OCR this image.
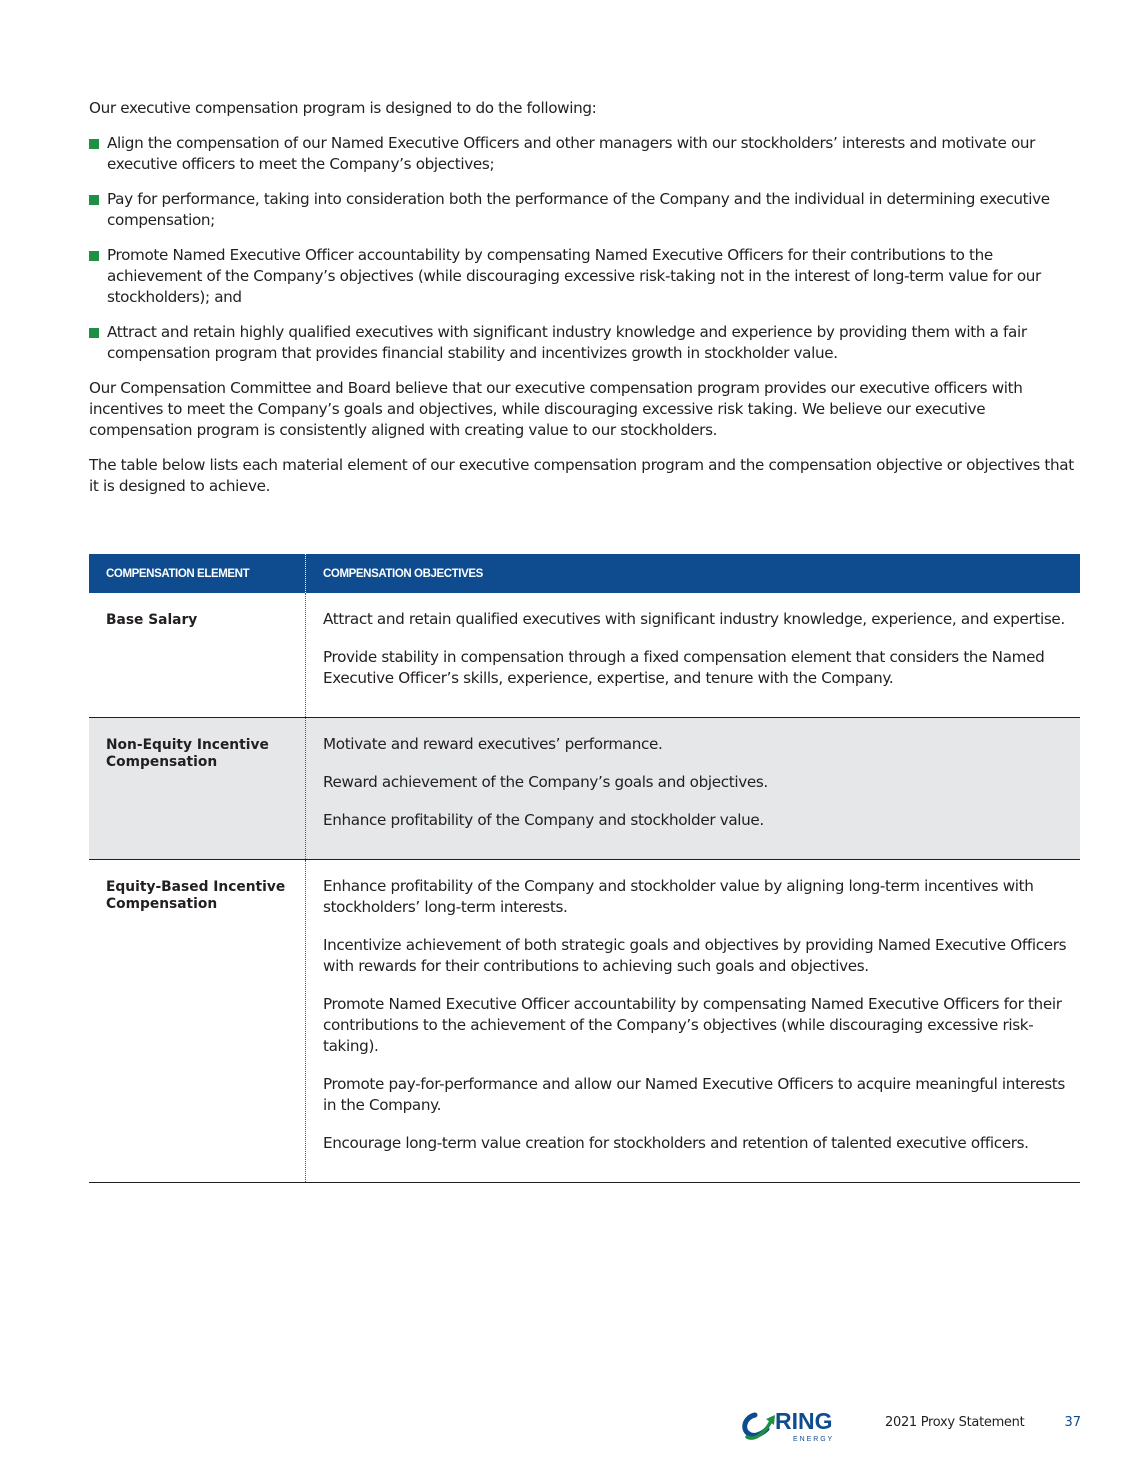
Our executive compensation program is designed to do the following:

Align the compensation of our Named Executive Officers and other managers with our stockholders’ interests and motivate our executive officers to meet the Company’s objectives;
Pay for performance, taking into consideration both the performance of the Company and the individual in determining executive compensation;
Promote Named Executive Officer accountability by compensating Named Executive Officers for their contributions to the achievement of the Company’s objectives (while discouraging excessive risk-taking not in the interest of long-term value for our stockholders); and
Attract and retain highly qualified executives with significant industry knowledge and experience by providing them with a fair compensation program that provides financial stability and incentivizes growth in stockholder value.

Our Compensation Committee and Board believe that our executive compensation program provides our executive officers with incentives to meet the Company’s goals and objectives, while discouraging excessive risk taking. We believe our executive compensation program is consistently aligned with creating value to our stockholders.

The table below lists each material element of our executive compensation program and the compensation objective or objectives that it is designed to achieve.

COMPENSATION ELEMENT	COMPENSATION OBJECTIVES
Base Salary	Attract and retain qualified executives with significant industry knowledge, experience, and expertise.

Provide stability in compensation through a fixed compensation element that considers the Named Executive Officer’s skills, experience, expertise, and tenure with the Company.

Non-Equity Incentive Compensation	Motivate and reward executives’ performance.

Reward achievement of the Company’s goals and objectives.

Enhance profitability of the Company and stockholder value.

Equity-Based Incentive Compensation	Enhance profitability of the Company and stockholder value by aligning long-term incentives with stockholders’ long-term interests.

Incentivize achievement of both strategic goals and objectives by providing Named Executive Officers with rewards for their contributions to achieving such goals and objectives.

Promote Named Executive Officer accountability by compensating Named Executive Officers for their contributions to the achievement of the Company’s objectives (while discouraging excessive risk-taking).

Promote pay-for-performance and allow our Named Executive Officers to acquire meaningful interests in the Company.

Encourage long-term value creation for stockholders and retention of talented executive officers.

RING
E N E R G Y
2021 Proxy Statement	37
